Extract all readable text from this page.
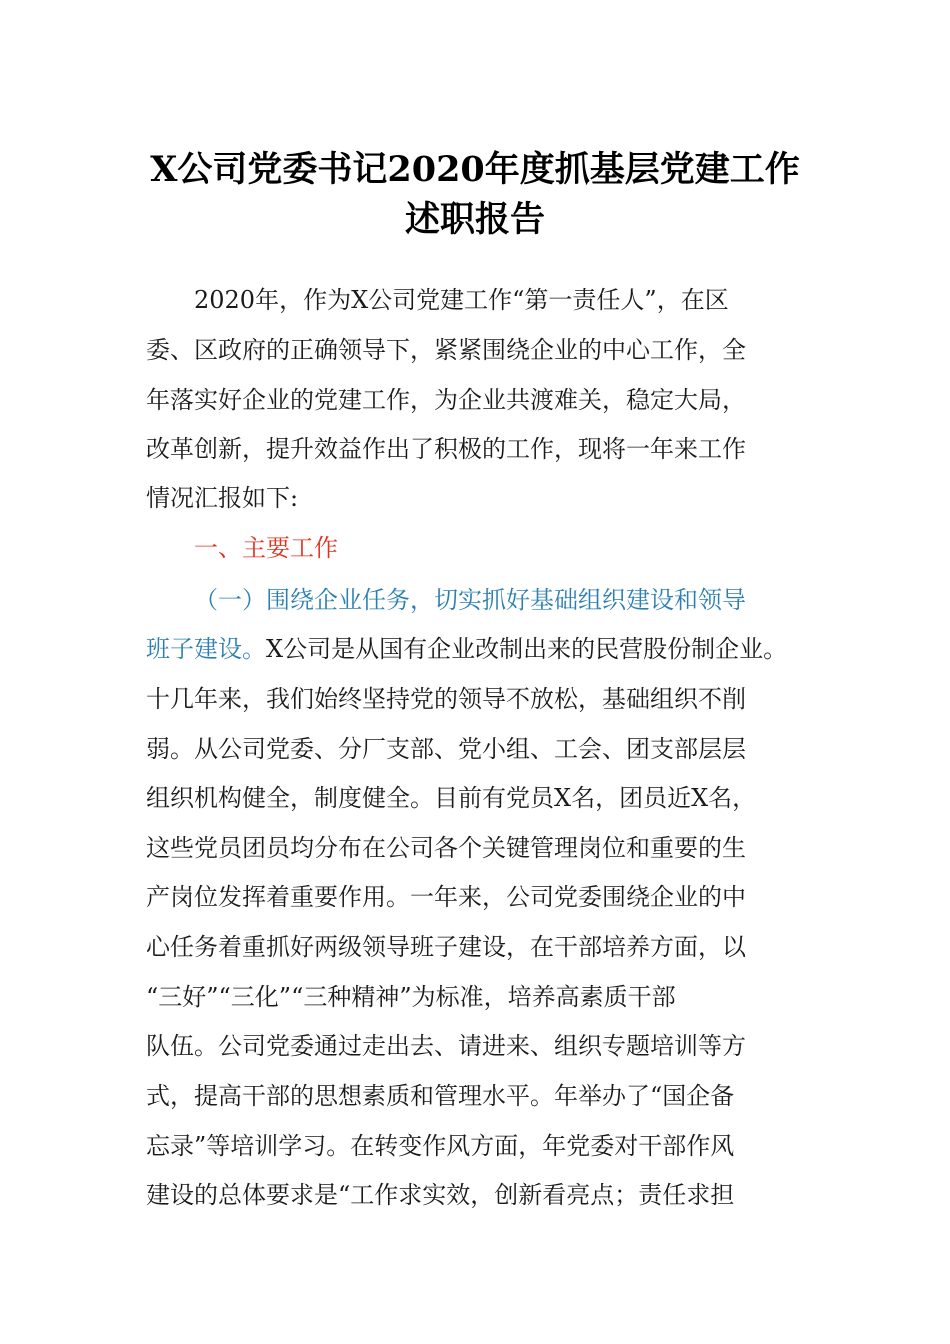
X公司党委书记2020年度抓基层党建工作
述职报告
2020年，作为X公司党建工作“第一责任人”，在区
委、区政府的正确领导下，紧紧围绕企业的中心工作，全
年落实好企业的党建工作，为企业共渡难关，稳定大局，
改革创新，提升效益作出了积极的工作，现将一年来工作
情况汇报如下:
一、主要工作
（一）围绕企业任务，切实抓好基础组织建设和领导
班子建设。X公司是从国有企业改制出来的民营股份制企业。
十几年来，我们始终坚持党的领导不放松，基础组织不削
弱。从公司党委、分厂支部、党小组、工会、团支部层层
组织机构健全，制度健全。目前有党员X名，团员近X名，
这些党员团员均分布在公司各个关键管理岗位和重要的生
产岗位发挥着重要作用。一年来，公司党委围绕企业的中
心任务着重抓好两级领导班子建设，在干部培养方面，以
“三好”“三化”“三种精神”为标准，培养高素质干部
队伍。公司党委通过走出去、请进来、组织专题培训等方
式，提高干部的思想素质和管理水平。年举办了“国企备
忘录”等培训学习。在转变作风方面，年党委对干部作风
建设的总体要求是“工作求实效，创新看亮点；责任求担
